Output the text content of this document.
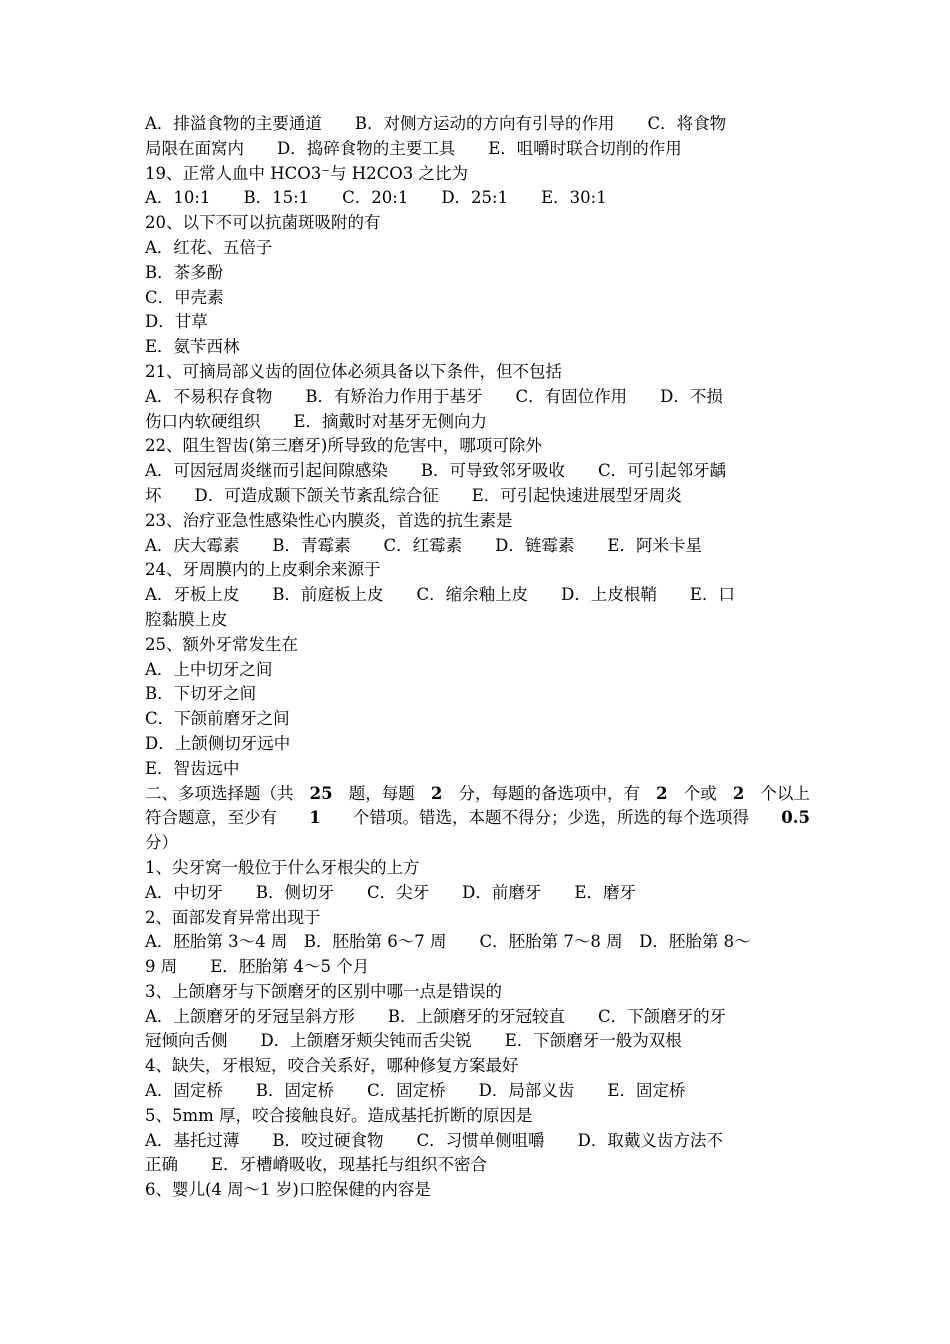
A．排溢食物的主要通道　　B．对侧方运动的方向有引导的作用　　C．将食物
局限在面窝内　　D．捣碎食物的主要工具　　E．咀嚼时联合切削的作用
19、正常人血中 HCO3⁻与 H2CO3 之比为
A．10:1　　B．15:1　　C．20:1　　D．25:1　　E．30:1
20、以下不可以抗菌斑吸附的有
A．红花、五倍子
B．茶多酚
C．甲壳素
D．甘草
E．氨苄西林
21、可摘局部义齿的固位体必须具备以下条件，但不包括
A．不易积存食物　　B．有矫治力作用于基牙　　C．有固位作用　　D．不损
伤口内软硬组织　　E．摘戴时对基牙无侧向力
22、阻生智齿(第三磨牙)所导致的危害中，哪项可除外
A．可因冠周炎继而引起间隙感染　　B．可导致邻牙吸收　　C．可引起邻牙龋
坏　　D．可造成颞下颌关节紊乱综合征　　E．可引起快速进展型牙周炎
23、治疗亚急性感染性心内膜炎，首选的抗生素是
A．庆大霉素　　B．青霉素　　C．红霉素　　D．链霉素　　E．阿米卡星
24、牙周膜内的上皮剩余来源于
A．牙板上皮　　B．前庭板上皮　　C．缩余釉上皮　　D．上皮根鞘　　E．口
腔黏膜上皮
25、额外牙常发生在
A．上中切牙之间
B．下切牙之间
C．下颌前磨牙之间
D．上颌侧切牙远中
E．智齿远中
二、多项选择题（共 25 题，每题 2 分，每题的备选项中，有 2 个或 2 个以上
符合题意，至少有 1 个错项。错选，本题不得分；少选，所选的每个选项得 0.5
分）
1、尖牙窝一般位于什么牙根尖的上方
A．中切牙　　B．侧切牙　　C．尖牙　　D．前磨牙　　E．磨牙
2、面部发育异常出现于
A．胚胎第 3～4 周　B．胚胎第 6～7 周　　C．胚胎第 7～8 周　D．胚胎第 8～
9 周　　E．胚胎第 4～5 个月
3、上颌磨牙与下颌磨牙的区别中哪一点是错误的
A．上颌磨牙的牙冠呈斜方形　　B．上颌磨牙的牙冠较直　　C．下颌磨牙的牙
冠倾向舌侧　　D．上颌磨牙颊尖钝而舌尖锐　　E．下颌磨牙一般为双根
4、缺失，牙根短，咬合关系好，哪种修复方案最好
A．固定桥　　B．固定桥　　C．固定桥　　D．局部义齿　　E．固定桥
5、5mm 厚，咬合接触良好。造成基托折断的原因是
A．基托过薄　　B．咬过硬食物　　C．习惯单侧咀嚼　　D．取戴义齿方法不
正确　　E．牙槽嵴吸收，现基托与组织不密合
6、婴儿(4 周～1 岁)口腔保健的内容是
